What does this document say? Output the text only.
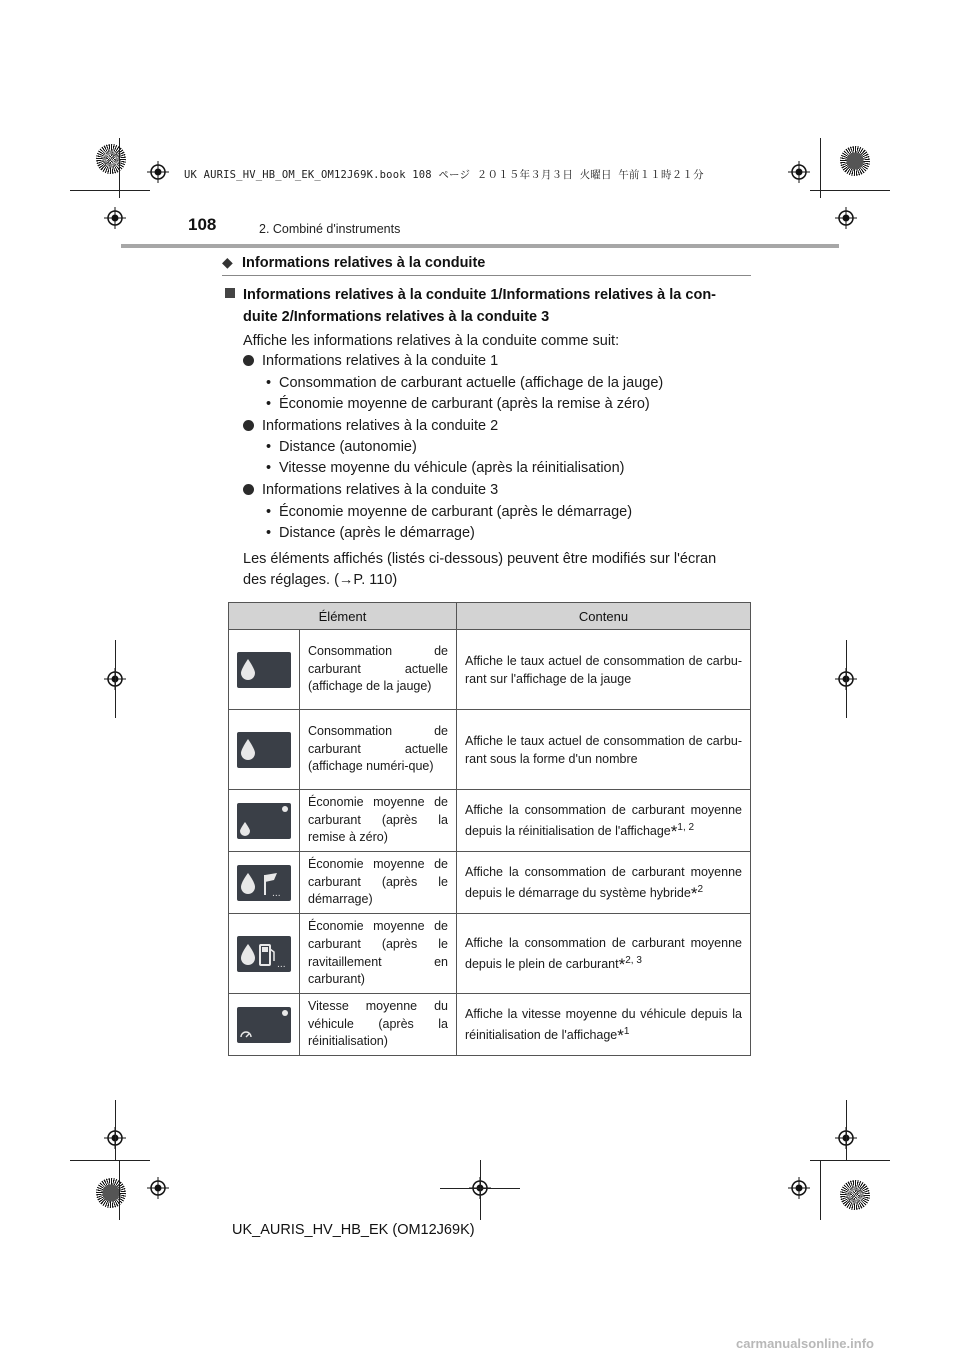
UK AURIS_HV_HB_OM_EK_OM12J69K.book 108 ページ ２０１５年３月３日 火曜日 午前１１時２１分
108	2. Combiné d'instruments
◆ Informations relatives à la conduite
Informations relatives à la conduite 1/Informations relatives à la con-
duite 2/Informations relatives à la conduite 3
Affiche les informations relatives à la conduite comme suit:
Informations relatives à la conduite 1
• Consommation de carburant actuelle (affichage de la jauge)
• Économie moyenne de carburant (après la remise à zéro)
Informations relatives à la conduite 2
• Distance (autonomie)
• Vitesse moyenne du véhicule (après la réinitialisation)
Informations relatives à la conduite 3
• Économie moyenne de carburant (après le démarrage)
• Distance (après le démarrage)
Les éléments affichés (listés ci-dessous) peuvent être modifiés sur l'écran
des réglages. (→P. 110)
Élément		Contenu

	Consommation de carburant actuelle (affichage de la jauge)	Affiche le taux actuel de consommation de carbu-rant sur l'affichage de la jauge

	Consommation de carburant actuelle (affichage numéri-que)	Affiche le taux actuel de consommation de carbu-rant sous la forme d'un nombre

	Économie moyenne de carburant (après la remise à zéro)	Affiche la consommation de carburant moyenne depuis la réinitialisation de l'affichage*$^{1, 2}$

...	Économie moyenne de carburant (après le démarrage)	Affiche la consommation de carburant moyenne depuis le démarrage du système hybride*$^2$

...	Économie moyenne de carburant (après le ravitaillement en carburant)	Affiche la consommation de carburant moyenne depuis le plein de carburant*$^{2, 3}$

	Vitesse moyenne du véhicule (après la réinitialisation)	Affiche la vitesse moyenne du véhicule depuis la réinitialisation de l'affichage*$^1$
UK_AURIS_HV_HB_EK (OM12J69K)
carmanualsonline.info
